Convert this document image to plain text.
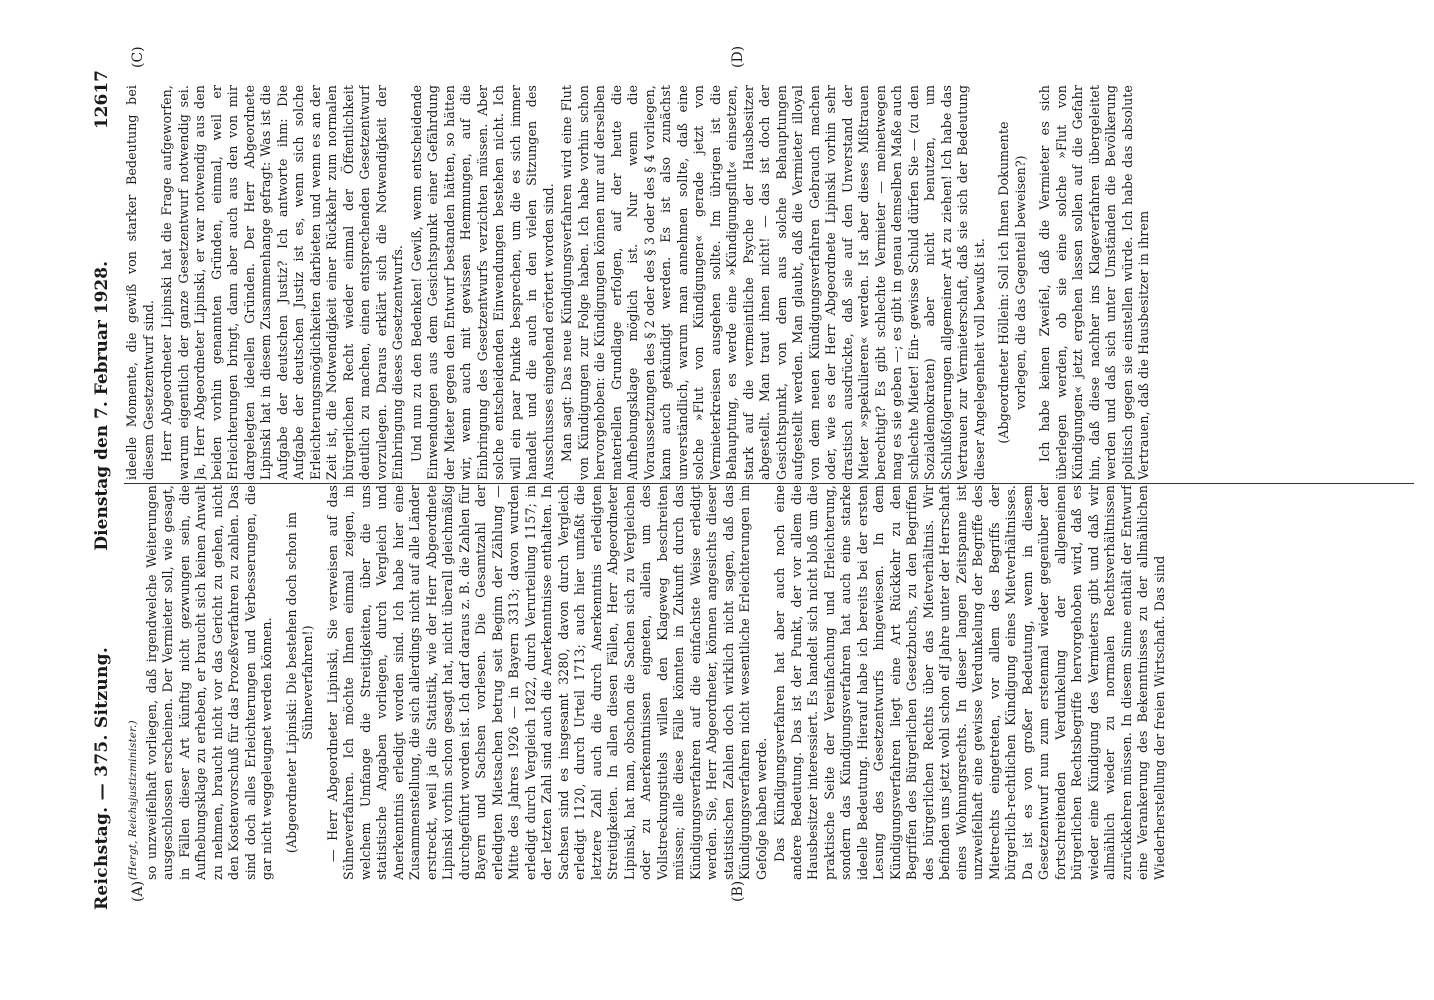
Reichstag. — 375. Sitzung.
Dienstag den 7. Februar 1928.  12617
(A)	(B)
(C)	(D)

(Hergt, Reichsjustizminister.) so unzweifelhaft vorliegen, daß irgendwelche Weiterungen ausgeschlossen erscheinen. Der Vermieter soll, wie gesagt, in Fällen dieser Art künftig nicht gezwungen sein, die Aufhebungsklage zu erheben, er braucht sich keinen Anwalt zu nehmen, braucht nicht vor das Gericht zu gehen, nicht den Kostenvorschuß für das Prozeßverfahren zu zahlen. Das sind doch alles Erleichterungen und Verbesserungen, die gar nicht weggeleugnet werden können. (Abgeordneter Lipinski: Die bestehen doch schon im Sühneverfahren!) — Herr Abgeordneter Lipinski, Sie verweisen auf das Sühneverfahren. Ich möchte Ihnen einmal zeigen, in welchem Umfange die Streitigkeiten, über die uns statistische Angaben vorliegen, durch Vergleich und Anerkenntnis erledigt worden sind. Ich habe hier eine Zusammenstellung, die sich allerdings nicht auf alle Länder erstreckt, weil ja die Statistik, wie der Herr Abgeordnete Lipinski vorhin schon gesagt hat, nicht überall gleichmäßig durchgeführt worden ist. Ich darf daraus z. B. die Zahlen für Bayern und Sachsen vorlesen. Die Gesamtzahl der erledigten Mietsachen betrug seit Beginn der Zählung — Mitte des Jahres 1926 — in Bayern 3313; davon wurden erledigt durch Vergleich 1822, durch Verurteilung 1157; in der letzten Zahl sind auch die Anerkenntnisse enthalten. In Sachsen sind es insgesamt 3280, davon durch Vergleich erledigt 1120, durch Urteil 1713; auch hier umfaßt die letztere Zahl auch die durch Anerkenntnis erledigten Streitigkeiten. In allen diesen Fällen, Herr Abgeordneter Lipinski, hat man, obschon die Sachen sich zu Vergleichen oder zu Anerkenntnissen eigneten, allein um des Vollstreckungstitels willen den Klageweg beschreiten müssen; alle diese Fälle könnten in Zukunft durch das Kündigungsverfahren auf die einfachste Weise erledigt werden. Sie, Herr Abgeordneter, können angesichts dieser statistischen Zahlen doch wirklich nicht sagen, daß das Kündigungsverfahren nicht wesentliche Erleichterungen im Gefolge haben werde. Das Kündigungsverfahren hat aber auch noch eine andere Bedeutung. Das ist der Punkt, der vor allem die Hausbesitzer interessiert. Es handelt sich nicht bloß um die praktische Seite der Vereinfachung und Erleichterung, sondern das Kündigungsverfahren hat auch eine starke ideelle Bedeutung. Hierauf habe ich bereits bei der ersten Lesung des Gesetzentwurfs hingewiesen. In dem Kündigungsverfahren liegt eine Art Rückkehr zu den Begriffen des Bürgerlichen Gesetzbuchs, zu den Begriffen des bürgerlichen Rechts über das Mietverhältnis. Wir befinden uns jetzt wohl schon elf Jahre unter der Herrschaft eines Wohnungsrechts. In dieser langen Zeitspanne ist unzweifelhaft eine gewisse Verdunkelung der Begriffe des Mietrechts eingetreten, vor allem des Begriffs der bürgerlich-rechtlichen Kündigung eines Mietverhältnisses. Da ist es von großer Bedeutung, wenn in diesem Gesetzentwurf nun zum erstenmal wieder gegenüber der fortschreitenden Verdunkelung der allgemeinen bürgerlichen Rechtsbegriffe hervorgehoben wird, daß es wieder eine Kündigung des Vermieters gibt und daß wir allmählich wieder zu normalen Rechtsverhältnissen zurückkehren müssen. In diesem Sinne enthält der Entwurf eine Verankerung des Bekenntnisses zu der allmählichen Wiederherstellung der freien Wirtschaft. Das sind

ideelle Momente, die gewiß von starker Bedeutung bei diesem Gesetzentwurf sind. Herr Abgeordneter Lipinski hat die Frage aufgeworfen, warum eigentlich der ganze Gesetzentwurf notwendig sei. Ja, Herr Abgeordneter Lipinski, er war notwendig aus den beiden vorhin genannten Gründen, einmal, weil er Erleichterungen bringt, dann aber auch aus den von mir dargelegten ideellen Gründen. Der Herr Abgeordnete Lipinski hat in diesem Zusammenhange gefragt: Was ist die Aufgabe der deutschen Justiz? Ich antworte ihm: Die Aufgabe der deutschen Justiz ist es, wenn sich solche Erleichterungsmöglichkeiten darbieten und wenn es an der Zeit ist, die Notwendigkeit einer Rückkehr zum normalen bürgerlichen Recht wieder einmal der Öffentlichkeit deutlich zu machen, einen entsprechenden Gesetzentwurf vorzulegen. Daraus erklärt sich die Notwendigkeit der Einbringung dieses Gesetzentwurfs. Und nun zu den Bedenken! Gewiß, wenn entscheidende Einwendungen aus dem Gesichtspunkt einer Gefährdung der Mieter gegen den Entwurf bestanden hätten, so hätten wir, wenn auch mit gewissen Hemmungen, auf die Einbringung des Gesetzentwurfs verzichten müssen. Aber solche entscheidenden Einwendungen bestehen nicht. Ich will ein paar Punkte besprechen, um die es sich immer handelt und die auch in den vielen Sitzungen des Ausschusses eingehend erörtert worden sind. Man sagt: Das neue Kündigungsverfahren wird eine Flut von Kündigungen zur Folge haben. Ich habe vorhin schon hervorgehoben: die Kündigungen können nur auf derselben materiellen Grundlage erfolgen, auf der heute die Aufhebungsklage möglich ist. Nur wenn die Voraussetzungen des § 2 oder des § 3 oder des § 4 vorliegen, kann auch gekündigt werden. Es ist also zunächst unverständlich, warum man annehmen sollte, daß eine solche »Flut von Kündigungen« gerade jetzt von Vermieterkreisen ausgehen sollte. Im übrigen ist die Behauptung, es werde eine »Kündigungsflut« einsetzen, stark auf die vermeintliche Psyche der Hausbesitzer abgestellt. Man traut ihnen nicht! — das ist doch der Gesichtspunkt, von dem aus solche Behauptungen aufgestellt werden. Man glaubt, daß die Vermieter illoyal von dem neuen Kündigungsverfahren Gebrauch machen oder, wie es der Herr Abgeordnete Lipinski vorhin sehr drastisch ausdrückte, daß sie auf den Unverstand der Mieter »spekulieren« werden. Ist aber dieses Mißtrauen berechtigt? Es gibt schlechte Vermieter — meinetwegen mag es sie geben —; es gibt in genau demselben Maße auch schlechte Mieter! Ein- gewisse Schuld dürfen Sie — (zu den Sozialdemokraten) aber nicht benutzen, um Schlußfolgerungen allgemeiner Art zu ziehen! Ich habe das Vertrauen zur Vermieterschaft, daß sie sich der Bedeutung dieser Angelegenheit voll bewußt ist. (Abgeordneter Höllein: Soll ich Ihnen Dokumente vorlegen, die das Gegenteil beweisen?) Ich habe keinen Zweifel, daß die Vermieter es sich überlegen werden, ob sie eine solche »Flut von Kündigungen« jetzt ergehen lassen sollen auf die Gefahr hin, daß diese nachher ins Klageverfahren übergeleitet werden und daß sich unter Umständen die Bevölkerung politisch gegen sie einstellen würde. Ich habe das absolute Vertrauen, daß die Hausbesitzer in ihrem
